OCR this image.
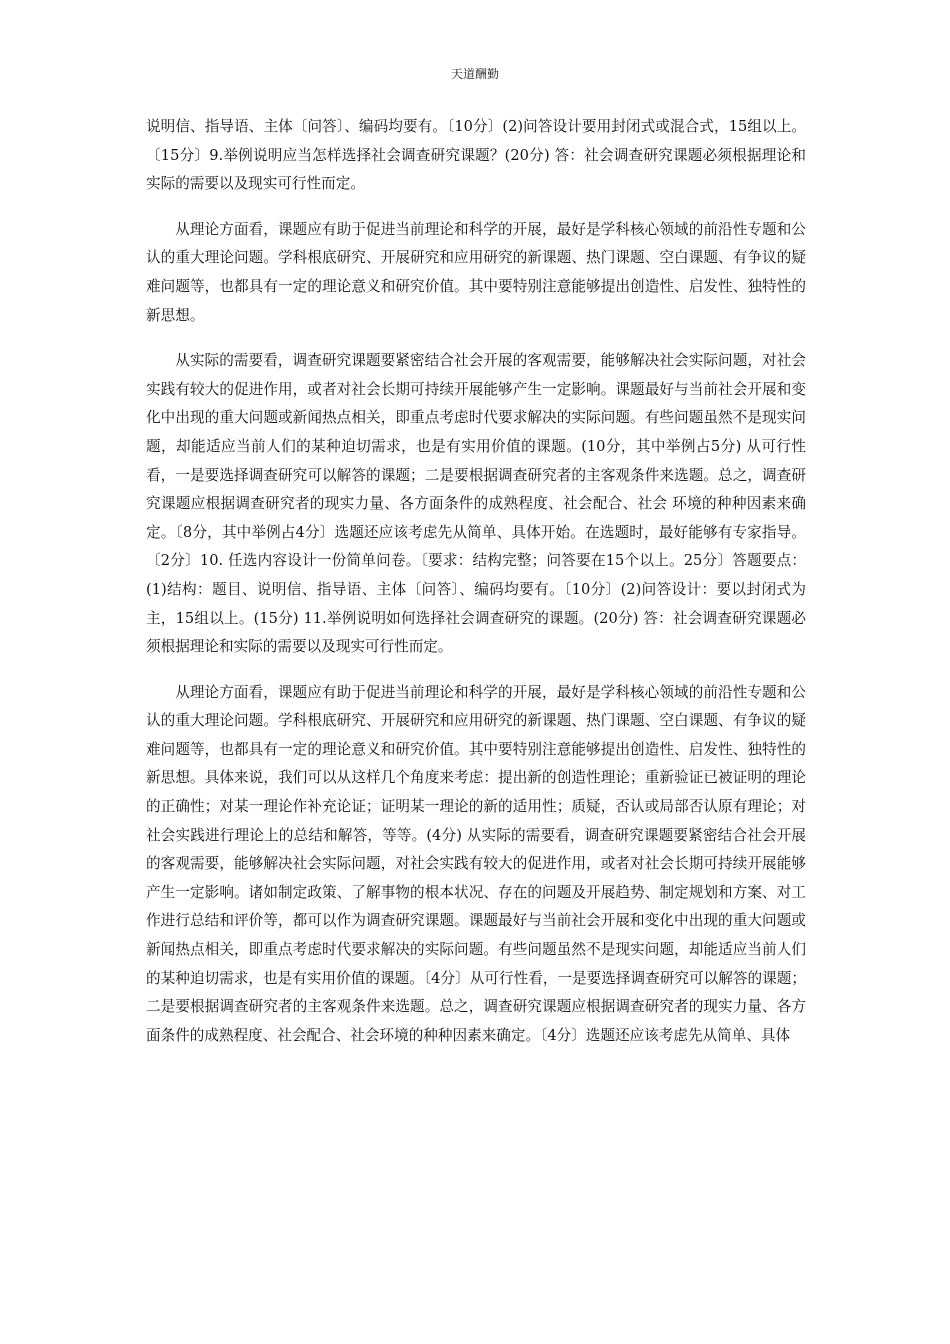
天道酬勤

说明信、指导语、主体〔问答〕、编码均要有。〔10分〕(2)问答设计要用封闭式或混合式，15组以上。〔15分〕9.举例说明应当怎样选择社会调查研究课题？(20分) 答：社会调查研究课题必须根据理论和实际的需要以及现实可行性而定。

从理论方面看，课题应有助于促进当前理论和科学的开展，最好是学科核心领域的前沿性专题和公认的重大理论问题。学科根底研究、开展研究和应用研究的新课题、热门课题、空白课题、有争议的疑难问题等，也都具有一定的理论意义和研究价值。其中要特别注意能够提出创造性、启发性、独特性的新思想。

从实际的需要看，调查研究课题要紧密结合社会开展的客观需要，能够解决社会实际问题，对社会实践有较大的促进作用，或者对社会长期可持续开展能够产生一定影响。课题最好与当前社会开展和变化中出现的重大问题或新闻热点相关，即重点考虑时代要求解决的实际问题。有些问题虽然不是现实问题，却能适应当前人们的某种迫切需求，也是有实用价值的课题。(10分，其中举例占5分) 从可行性看，一是要选择调查研究可以解答的课题；二是要根据调查研究者的主客观条件来选题。总之，调查研究课题应根据调查研究者的现实力量、各方面条件的成熟程度、社会配合、社会 环境的种种因素来确定。〔8分，其中举例占4分〕选题还应该考虑先从简单、具体开始。在选题时，最好能够有专家指导。〔2分〕10. 任选内容设计一份简单问卷。〔要求：结构完整；问答要在15个以上。25分〕答题要点：(1)结构：题目、说明信、指导语、主体〔问答〕、编码均要有。〔10分〕(2)问答设计：要以封闭式为主，15组以上。(15分) 11.举例说明如何选择社会调查研究的课题。(20分) 答：社会调查研究课题必须根据理论和实际的需要以及现实可行性而定。

从理论方面看，课题应有助于促进当前理论和科学的开展，最好是学科核心领域的前沿性专题和公认的重大理论问题。学科根底研究、开展研究和应用研究的新课题、热门课题、空白课题、有争议的疑难问题等，也都具有一定的理论意义和研究价值。其中要特别注意能够提出创造性、启发性、独特性的新思想。具体来说，我们可以从这样几个角度来考虑：提出新的创造性理论；重新验证已被证明的理论的正确性；对某一理论作补充论证；证明某一理论的新的适用性；质疑，否认或局部否认原有理论；对社会实践进行理论上的总结和解答，等等。(4分) 从实际的需要看，调查研究课题要紧密结合社会开展的客观需要，能够解决社会实际问题，对社会实践有较大的促进作用，或者对社会长期可持续开展能够产生一定影响。诸如制定政策、了解事物的根本状况、存在的问题及开展趋势、制定规划和方案、对工作进行总结和评价等，都可以作为调查研究课题。课题最好与当前社会开展和变化中出现的重大问题或新闻热点相关，即重点考虑时代要求解决的实际问题。有些问题虽然不是现实问题，却能适应当前人们的某种迫切需求，也是有实用价值的课题。〔4分〕从可行性看，一是要选择调查研究可以解答的课题；二是要根据调查研究者的主客观条件来选题。总之，调查研究课题应根据调查研究者的现实力量、各方面条件的成熟程度、社会配合、社会环境的种种因素来确定。〔4分〕选题还应该考虑先从简单、具体
